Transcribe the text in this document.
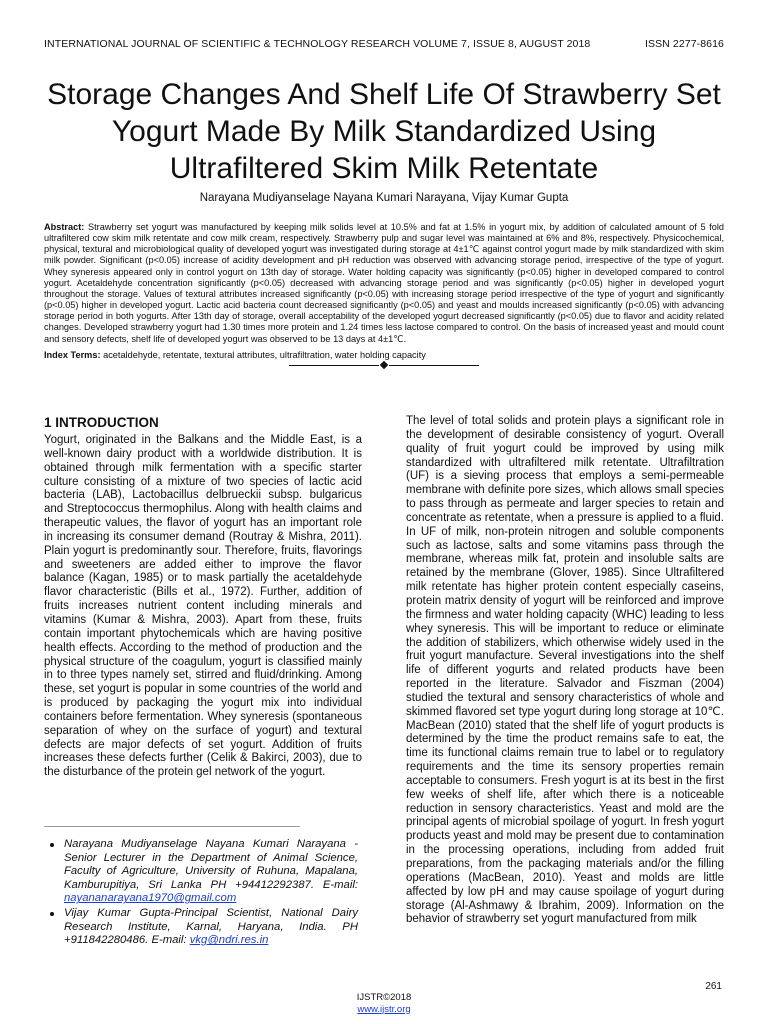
INTERNATIONAL JOURNAL OF SCIENTIFIC & TECHNOLOGY RESEARCH VOLUME 7, ISSUE 8, AUGUST 2018	ISSN 2277-8616
Storage Changes And Shelf Life Of Strawberry Set Yogurt Made By Milk Standardized Using Ultrafiltered Skim Milk Retentate
Narayana Mudiyanselage Nayana Kumari Narayana, Vijay Kumar Gupta

Abstract: Strawberry set yogurt was manufactured by keeping milk solids level at 10.5% and fat at 1.5% in yogurt mix, by addition of calculated amount of 5 fold ultrafiltered cow skim milk retentate and cow milk cream, respectively. Strawberry pulp and sugar level was maintained at 6% and 8%, respectively. Physicochemical, physical, textural and microbiological quality of developed yogurt was investigated during storage at 4±1℃ against control yogurt made by milk standardized with skim milk powder. Significant (p<0.05) increase of acidity development and pH reduction was observed with advancing storage period, irrespective of the type of yogurt. Whey syneresis appeared only in control yogurt on 13th day of storage. Water holding capacity was significantly (p<0.05) higher in developed compared to control yogurt. Acetaldehyde concentration significantly (p<0.05) decreased with advancing storage period and was significantly (p<0.05) higher in developed yogurt throughout the storage. Values of textural attributes increased significantly (p<0.05) with increasing storage period irrespective of the type of yogurt and significantly (p<0.05) higher in developed yogurt. Lactic acid bacteria count decreased significantly (p<0.05) and yeast and moulds increased significantly (p<0.05) with advancing storage period in both yogurts. After 13th day of storage, overall acceptability of the developed yogurt decreased significantly (p<0.05) due to flavor and acidity related changes. Developed strawberry yogurt had 1.30 times more protein and 1.24 times less lactose compared to control. On the basis of increased yeast and mould count and sensory defects, shelf life of developed yogurt was observed to be 13 days at 4±1℃.

Index Terms: acetaldehyde, retentate, textural attributes, ultrafiltration, water holding capacity

1 INTRODUCTION

Yogurt, originated in the Balkans and the Middle East, is a well-known dairy product with a worldwide distribution. It is obtained through milk fermentation with a specific starter culture consisting of a mixture of two species of lactic acid bacteria (LAB), Lactobacillus delbrueckii subsp. bulgaricus and Streptococcus thermophilus. Along with health claims and therapeutic values, the flavor of yogurt has an important role in increasing its consumer demand (Routray & Mishra, 2011). Plain yogurt is predominantly sour. Therefore, fruits, flavorings and sweeteners are added either to improve the flavor balance (Kagan, 1985) or to mask partially the acetaldehyde flavor characteristic (Bills et al., 1972). Further, addition of fruits increases nutrient content including minerals and vitamins (Kumar & Mishra, 2003). Apart from these, fruits contain important phytochemicals which are having positive health effects. According to the method of production and the physical structure of the coagulum, yogurt is classified mainly in to three types namely set, stirred and fluid/drinking. Among these, set yogurt is popular in some countries of the world and is produced by packaging the yogurt mix into individual containers before fermentation. Whey syneresis (spontaneous separation of whey on the surface of yogurt) and textural defects are major defects of set yogurt. Addition of fruits increases these defects further (Celik & Bakirci, 2003), due to the disturbance of the protein gel network of the yogurt.

The level of total solids and protein plays a significant role in the development of desirable consistency of yogurt. Overall quality of fruit yogurt could be improved by using milk standardized with ultrafiltered milk retentate. Ultrafiltration (UF) is a sieving process that employs a semi-permeable membrane with definite pore sizes, which allows small species to pass through as permeate and larger species to retain and concentrate as retentate, when a pressure is applied to a fluid. In UF of milk, non-protein nitrogen and soluble components such as lactose, salts and some vitamins pass through the membrane, whereas milk fat, protein and insoluble salts are retained by the membrane (Glover, 1985). Since Ultrafiltered milk retentate has higher protein content especially caseins, protein matrix density of yogurt will be reinforced and improve the firmness and water holding capacity (WHC) leading to less whey syneresis. This will be important to reduce or eliminate the addition of stabilizers, which otherwise widely used in the fruit yogurt manufacture. Several investigations into the shelf life of different yogurts and related products have been reported in the literature. Salvador and Fiszman (2004) studied the textural and sensory characteristics of whole and skimmed flavored set type yogurt during long storage at 10℃. MacBean (2010) stated that the shelf life of yogurt products is determined by the time the product remains safe to eat, the time its functional claims remain true to label or to regulatory requirements and the time its sensory properties remain acceptable to consumers. Fresh yogurt is at its best in the first few weeks of shelf life, after which there is a noticeable reduction in sensory characteristics. Yeast and mold are the principal agents of microbial spoilage of yogurt. In fresh yogurt products yeast and mold may be present due to contamination in the processing operations, including from added fruit preparations, from the packaging materials and/or the filling operations (MacBean, 2010). Yeast and molds are little affected by low pH and may cause spoilage of yogurt during storage (Al-Ashmawy & Ibrahim, 2009). Information on the behavior of strawberry set yogurt manufactured from milk

Narayana Mudiyanselage Nayana Kumari Narayana - Senior Lecturer in the Department of Animal Science, Faculty of Agriculture, University of Ruhuna, Mapalana, Kamburupitiya, Sri Lanka PH +94412292387. E-mail: nayananarayana1970@gmail.com
Vijay Kumar Gupta-Principal Scientist, National Dairy Research Institute, Karnal, Haryana, India. PH +911842280486. E-mail: vkg@ndri.res.in
261
IJSTR©2018
www.ijstr.org
